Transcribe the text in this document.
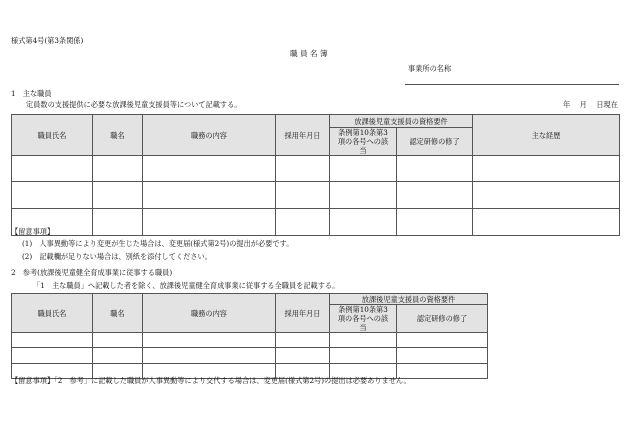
様式第4号(第3条関係)
職 員 名 簿
事業所の名称
1　主な職員
定員数の支援提供に必要な放課後児童支援員等について記載する。	年　 月　 日現在
職員氏名	職名	職務の内容	採用年月日	放課後児童支援員の資格要件		主な経歴
				条例第10条第3項の各号への該当	認定研修の修了	

【留意事項】
(1)　人事異動等により変更が生じた場合は、変更届(様式第2号)の提出が必要です。
(2)　記載欄が足りない場合は、別紙を添付してください。
2　参考(放課後児童健全育成事業に従事する職員)
「1　主な職員」へ記載した者を除く、放課後児童健全育成事業に従事する全職員を記載する。
職員氏名	職名	職務の内容	採用年月日	放課後児童支援員の資格要件	
				条例第10条第3項の各号への該当	認定研修の修了

【留意事項】「2　参考」に記載した職員が人事異動等により交代する場合は、変更届(様式第2号)の提出は必要ありません。
